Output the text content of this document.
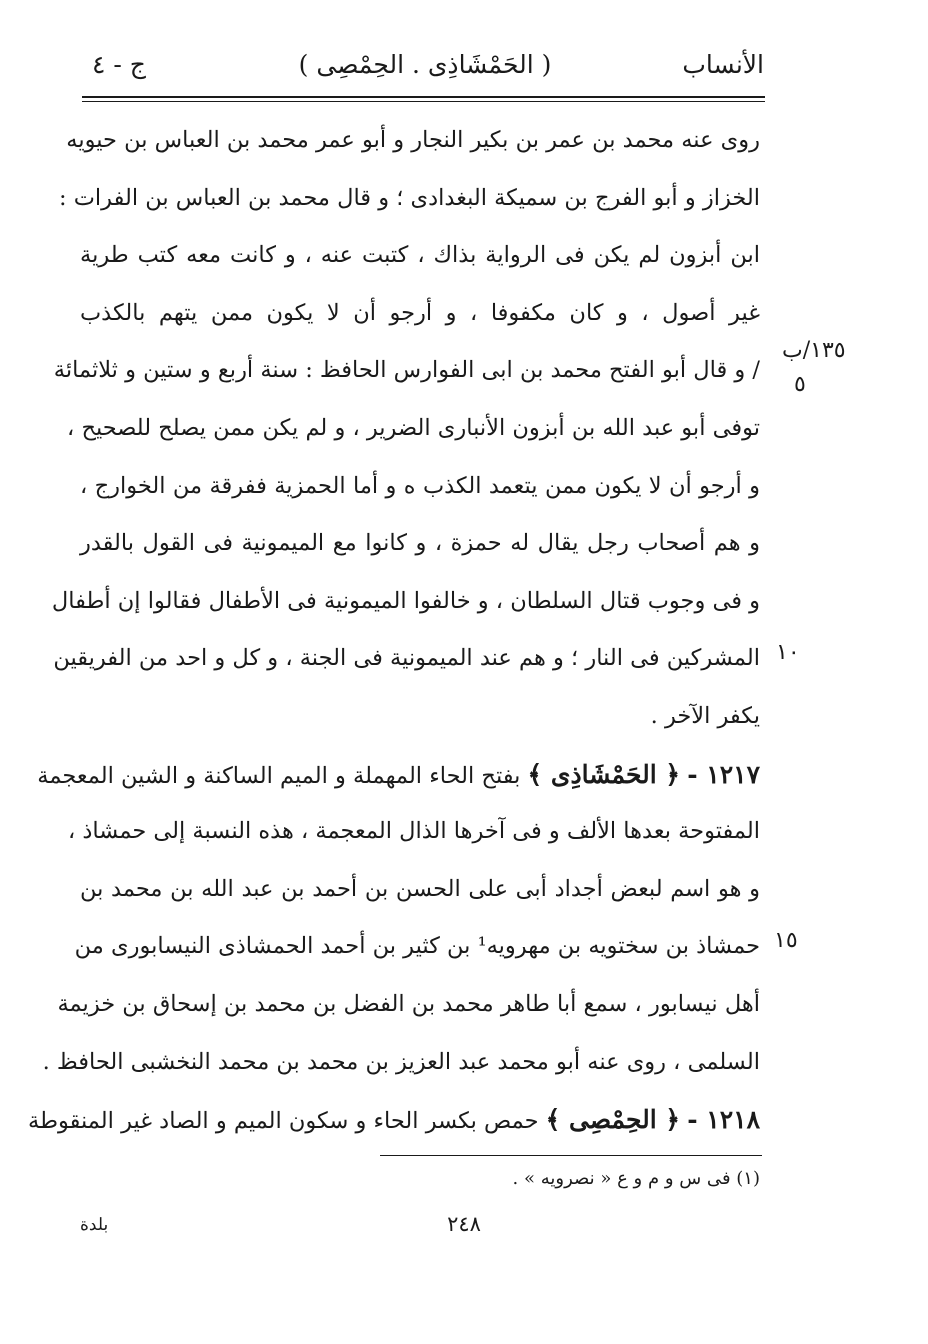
الأنساب
( الحَمْشَاذِى . الحِمْصِى )
ج - ٤
روى عنه محمد بن عمر بن بكير النجار و أبو عمر محمد بن العباس بن حيويه
الخزاز و أبو الفرج بن سميكة البغدادى ؛ و قال محمد بن العباس بن الفرات :
ابن أبزون لم يكن فى الرواية بذاك ، كتبت عنه ، و كانت معه كتب طرية
غير أصول ، و كان مكفوفا ، و أرجو أن لا يكون ممن يتهم بالكذب
/ و قال أبو الفتح محمد بن ابى الفوارس الحافظ : سنة أربع و ستين و ثلاثمائة
توفى أبو عبد الله بن أبزون الأنبارى الضرير ، و لم يكن ممن يصلح للصحيح ،
و أرجو أن لا يكون ممن يتعمد الكذب ه و أما الحمزية ففرقة من الخوارج ،
و هم أصحاب رجل يقال له حمزة ، و كانوا مع الميمونية فى القول بالقدر
و فى وجوب قتال السلطان ، و خالفوا الميمونية فى الأطفال فقالوا إن أطفال
المشركين فى النار ؛ و هم عند الميمونية فى الجنة ، و كل و احد من الفريقين
يكفر الآخر .
١٢١٧ - ﴿ الحَمْشَاذِى ﴾ بفتح الحاء المهملة و الميم الساكنة و الشين المعجمة
المفتوحة بعدها الألف و فى آخرها الذال المعجمة ، هذه النسبة إلى حمشاذ ،
و هو اسم لبعض أجداد أبى على الحسن بن أحمد بن عبد الله بن محمد بن
حمشاذ بن سختويه بن مهرويه¹ بن كثير بن أحمد الحمشاذى النيسابورى من
أهل نيسابور ، سمع أبا طاهر محمد بن الفضل بن محمد بن إسحاق بن خزيمة
السلمى ، روى عنه أبو محمد عبد العزيز بن محمد بن محمد النخشبى الحافظ .
١٢١٨ - ﴿ الحِمْصِى ﴾ حمص بكسر الحاء و سكون الميم و الصاد غير المنقوطة
١٣٥/ب
٥
١٠
١٥
(١) فى س و م و ع « نصرويه » .
بلدة	٢٤٨
